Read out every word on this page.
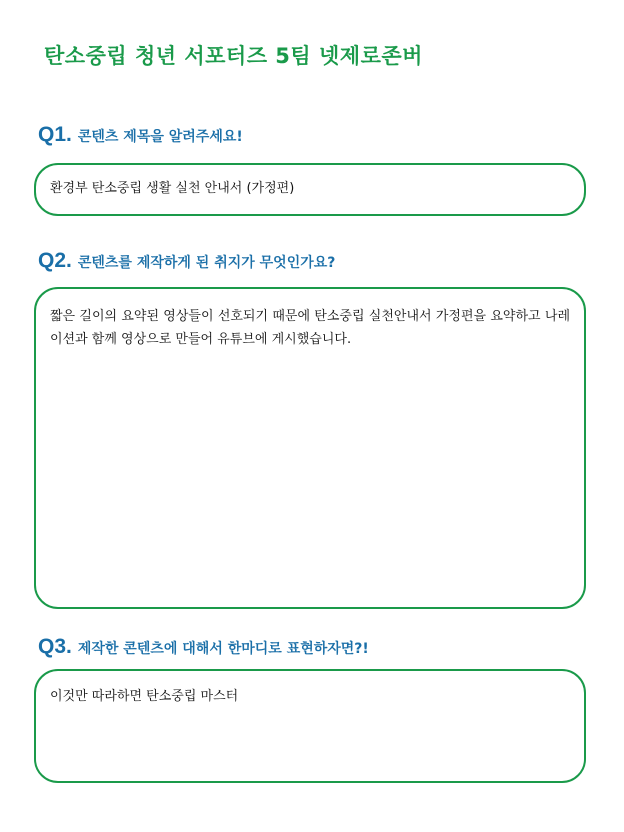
탄소중립 청년 서포터즈 5팀 넷제로존버
Q1. 콘텐츠 제목을 알려주세요!
환경부 탄소중립 생활 실천 안내서 (가정편)
Q2. 콘텐츠를 제작하게 된 취지가 무엇인가요?
짧은 길이의 요약된 영상들이 선호되기 때문에 탄소중립 실천안내서 가정편을 요약하고 나레이션과 함께 영상으로 만들어 유튜브에 게시했습니다.
Q3. 제작한 콘텐츠에 대해서 한마디로 표현하자면?!
이것만 따라하면 탄소중립 마스터
